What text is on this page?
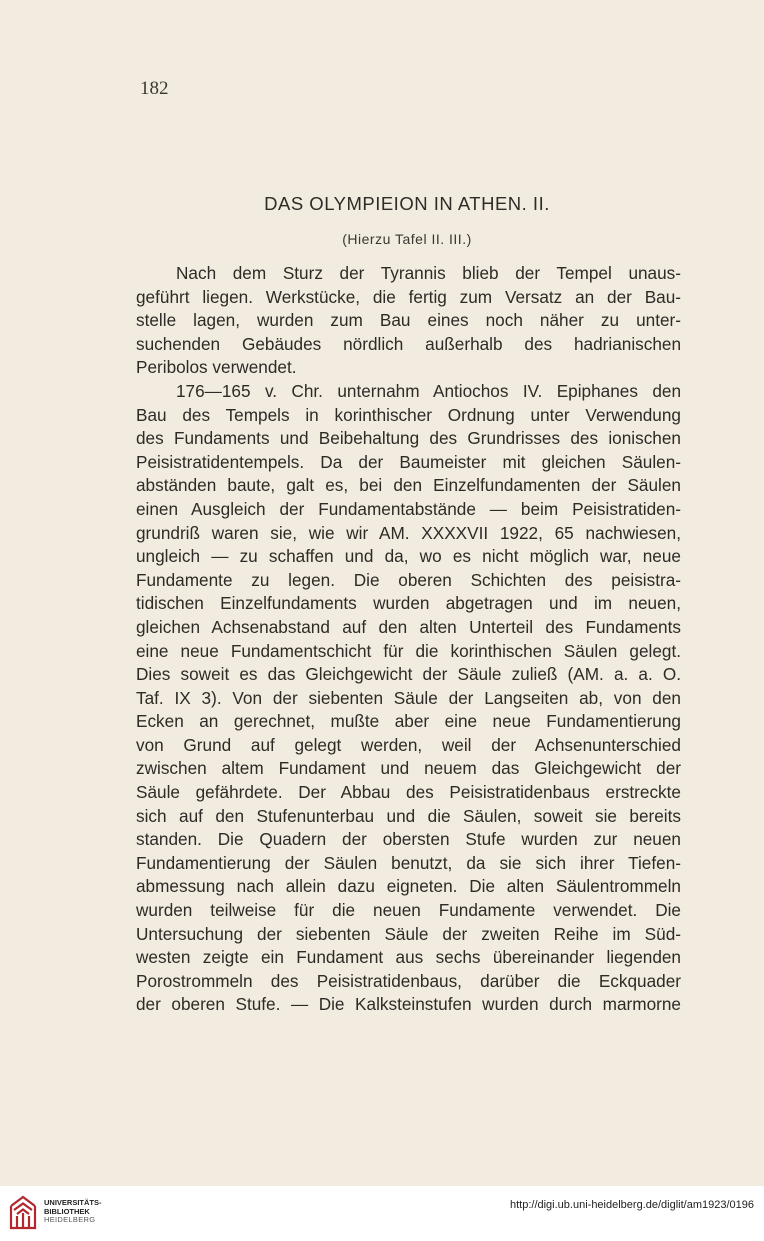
182
DAS OLYMPIEION IN ATHEN. II.
(Hierzu Tafel II. III.)
Nach dem Sturz der Tyrannis blieb der Tempel unaus-
geführt liegen. Werkstücke, die fertig zum Versatz an der Bau-
stelle lagen, wurden zum Bau eines noch näher zu unter-
suchenden Gebäudes nördlich außerhalb des hadrianischen
Peribolos verwendet.
176—165 v. Chr. unternahm Antiochos IV. Epiphanes den
Bau des Tempels in korinthischer Ordnung unter Verwendung
des Fundaments und Beibehaltung des Grundrisses des ionischen
Peisistratidentempels. Da der Baumeister mit gleichen Säulen-
abständen baute, galt es, bei den Einzelfundamenten der Säulen
einen Ausgleich der Fundamentabstände — beim Peisistratiden-
grundriß waren sie, wie wir AM. XXXXVII 1922, 65 nachwiesen,
ungleich — zu schaffen und da, wo es nicht möglich war, neue
Fundamente zu legen. Die oberen Schichten des peisistra-
tidischen Einzelfundaments wurden abgetragen und im neuen,
gleichen Achsenabstand auf den alten Unterteil des Fundaments
eine neue Fundamentschicht für die korinthischen Säulen gelegt.
Dies soweit es das Gleichgewicht der Säule zuließ (AM. a. a. O.
Taf. IX 3). Von der siebenten Säule der Langseiten ab, von den
Ecken an gerechnet, mußte aber eine neue Fundamentierung
von Grund auf gelegt werden, weil der Achsenunterschied
zwischen altem Fundament und neuem das Gleichgewicht der
Säule gefährdete. Der Abbau des Peisistratidenbaus erstreckte
sich auf den Stufenunterbau und die Säulen, soweit sie bereits
standen. Die Quadern der obersten Stufe wurden zur neuen
Fundamentierung der Säulen benutzt, da sie sich ihrer Tiefen-
abmessung nach allein dazu eigneten. Die alten Säulentrommeln
wurden teilweise für die neuen Fundamente verwendet. Die
Untersuchung der siebenten Säule der zweiten Reihe im Süd-
westen zeigte ein Fundament aus sechs übereinander liegenden
Porostrommeln des Peisistratidenbaus, darüber die Eckquader
der oberen Stufe. — Die Kalksteinstufen wurden durch marmorne
UNIVERSITÄTS-
BIBLIOTHEK
HEIDELBERG
http://digi.ub.uni-heidelberg.de/diglit/am1923/0196
